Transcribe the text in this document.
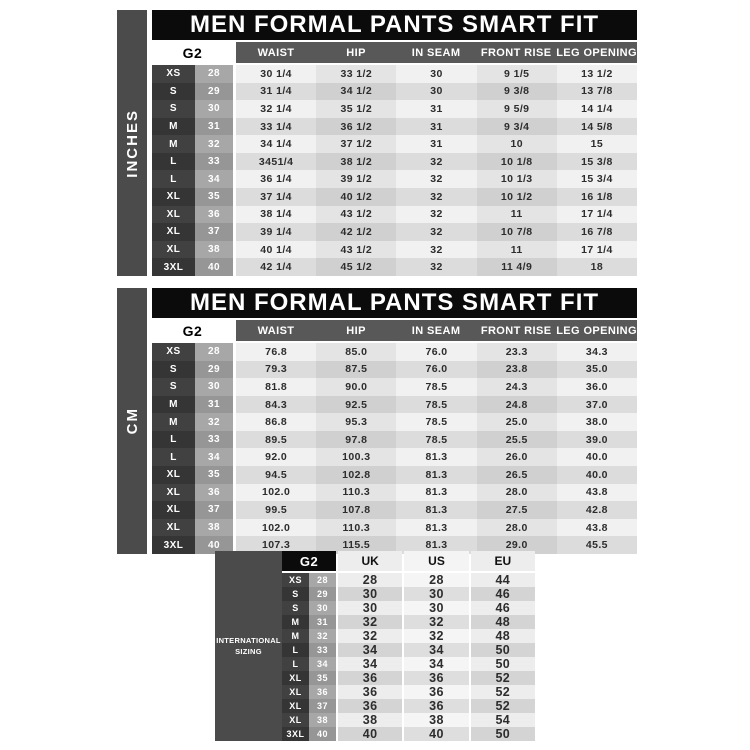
INCHES
MEN FORMAL PANTS SMART FIT
G2	WAIST	HIP	IN SEAM	FRONT RISE LEG OPENING
XS	28	30 1/4	33 1/2	30	9 1/5	13 1/2
S	29	31 1/4	34 1/2	30	9 3/8	13 7/8
S	30	32 1/4	35 1/2	31	9 5/9	14 1/4
M	31	33 1/4	36 1/2	31	9 3/4	14 5/8
M	32	34 1/4	37 1/2	31	10	15
L	33	3451/4	38 1/2	32	10 1/8	15 3/8
L	34	36 1/4	39 1/2	32	10 1/3	15 3/4
XL	35	37 1/4	40 1/2	32	10 1/2	16 1/8
XL	36	38 1/4	43 1/2	32	11	17 1/4
XL	37	39 1/4	42 1/2	32	10 7/8	16 7/8
XL	38	40 1/4	43 1/2	32	11	17 1/4
3XL	40	42 1/4	45 1/2	32	11 4/9	18
CM
MEN FORMAL PANTS SMART FIT
G2	WAIST	HIP	IN SEAM	FRONT RISE LEG OPENING
XS	28	76.8	85.0	76.0	23.3	34.3
S	29	79.3	87.5	76.0	23.8	35.0
S	30	81.8	90.0	78.5	24.3	36.0
M	31	84.3	92.5	78.5	24.8	37.0
M	32	86.8	95.3	78.5	25.0	38.0
L	33	89.5	97.8	78.5	25.5	39.0
L	34	92.0	100.3	81.3	26.0	40.0
XL	35	94.5	102.8	81.3	26.5	40.0
XL	36	102.0	110.3	81.3	28.0	43.8
XL	37	99.5	107.8	81.3	27.5	42.8
XL	38	102.0	110.3	81.3	28.0	43.8
3XL	40	107.3	115.5	81.3	29.0	45.5
INTERNATIONAL SIZING
G2	UK	US	EU
XS	28	28	28	44
S	29	30	30	46
S	30	30	30	46
M	31	32	32	48
M	32	32	32	48
L	33	34	34	50
L	34	34	34	50
XL	35	36	36	52
XL	36	36	36	52
XL	37	36	36	52
XL	38	38	38	54
3XL	40	40	40	50
